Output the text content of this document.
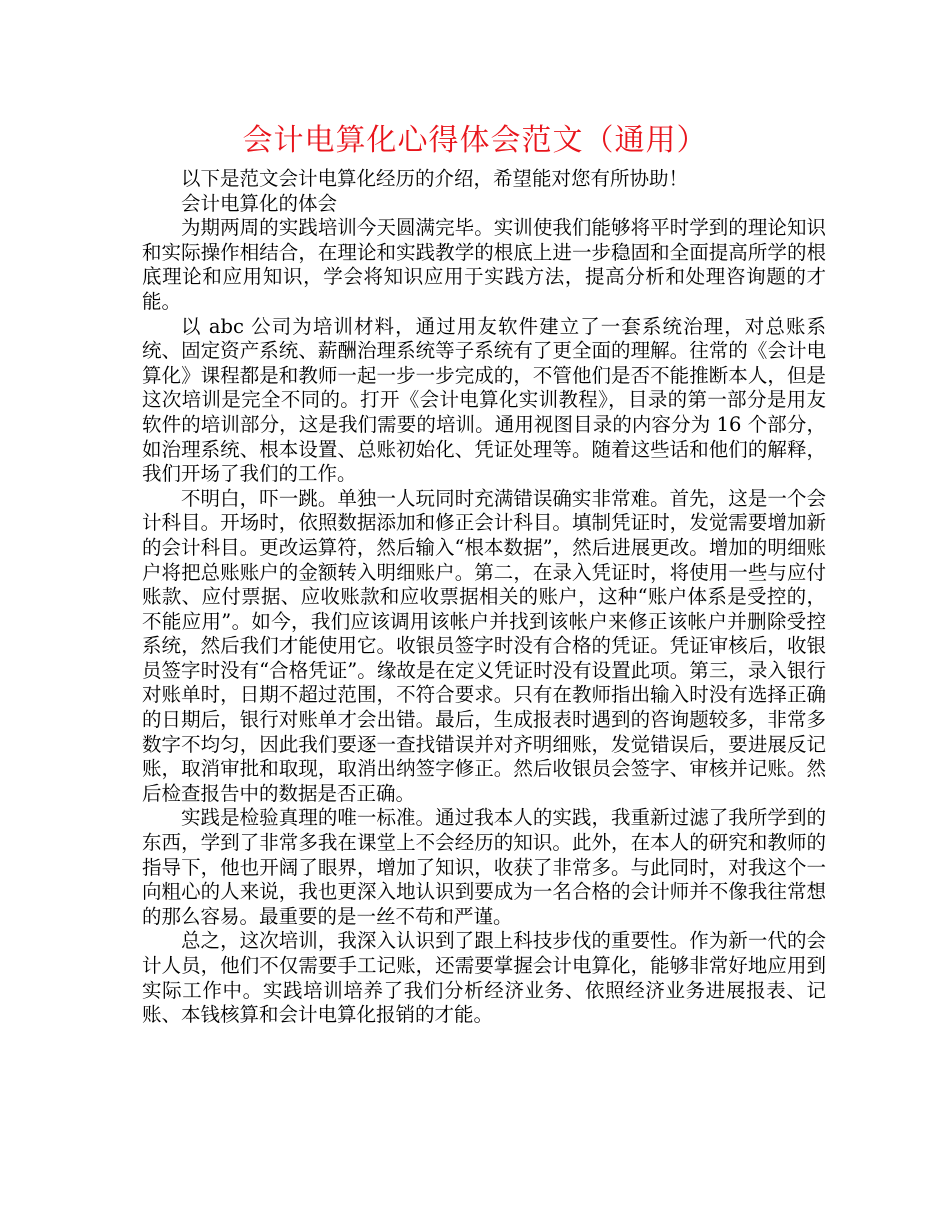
会计电算化心得体会范文（通用）

以下是范文会计电算化经历的介绍，希望能对您有所协助！

会计电算化的体会

为期两周的实践培训今天圆满完毕。实训使我们能够将平时学到的理论知识和实际操作相结合，在理论和实践教学的根底上进一步稳固和全面提高所学的根底理论和应用知识，学会将知识应用于实践方法，提高分析和处理咨询题的才能。

以 abc 公司为培训材料，通过用友软件建立了一套系统治理，对总账系统、固定资产系统、薪酬治理系统等子系统有了更全面的理解。往常的《会计电算化》课程都是和教师一起一步一步完成的，不管他们是否不能推断本人，但是这次培训是完全不同的。打开《会计电算化实训教程》，目录的第一部分是用友软件的培训部分，这是我们需要的培训。通用视图目录的内容分为 16 个部分，如治理系统、根本设置、总账初始化、凭证处理等。随着这些话和他们的解释，我们开场了我们的工作。

不明白，吓一跳。单独一人玩同时充满错误确实非常难。首先，这是一个会计科目。开场时，依照数据添加和修正会计科目。填制凭证时，发觉需要增加新的会计科目。更改运算符，然后输入“根本数据”，然后进展更改。增加的明细账户将把总账账户的金额转入明细账户。第二，在录入凭证时，将使用一些与应付账款、应付票据、应收账款和应收票据相关的账户，这种“账户体系是受控的，不能应用”。如今，我们应该调用该帐户并找到该帐户来修正该帐户并删除受控系统，然后我们才能使用它。收银员签字时没有合格的凭证。凭证审核后，收银员签字时没有“合格凭证”。缘故是在定义凭证时没有设置此项。第三，录入银行对账单时，日期不超过范围，不符合要求。只有在教师指出输入时没有选择正确的日期后，银行对账单才会出错。最后，生成报表时遇到的咨询题较多，非常多数字不均匀，因此我们要逐一查找错误并对齐明细账，发觉错误后，要进展反记账，取消审批和取现，取消出纳签字修正。然后收银员会签字、审核并记账。然后检查报告中的数据是否正确。

实践是检验真理的唯一标准。通过我本人的实践，我重新过滤了我所学到的东西，学到了非常多我在课堂上不会经历的知识。此外，在本人的研究和教师的指导下，他也开阔了眼界，增加了知识，收获了非常多。与此同时，对我这个一向粗心的人来说，我也更深入地认识到要成为一名合格的会计师并不像我往常想的那么容易。最重要的是一丝不苟和严谨。

总之，这次培训，我深入认识到了跟上科技步伐的重要性。作为新一代的会计人员，他们不仅需要手工记账，还需要掌握会计电算化，能够非常好地应用到实际工作中。实践培训培养了我们分析经济业务、依照经济业务进展报表、记账、本钱核算和会计电算化报销的才能。
